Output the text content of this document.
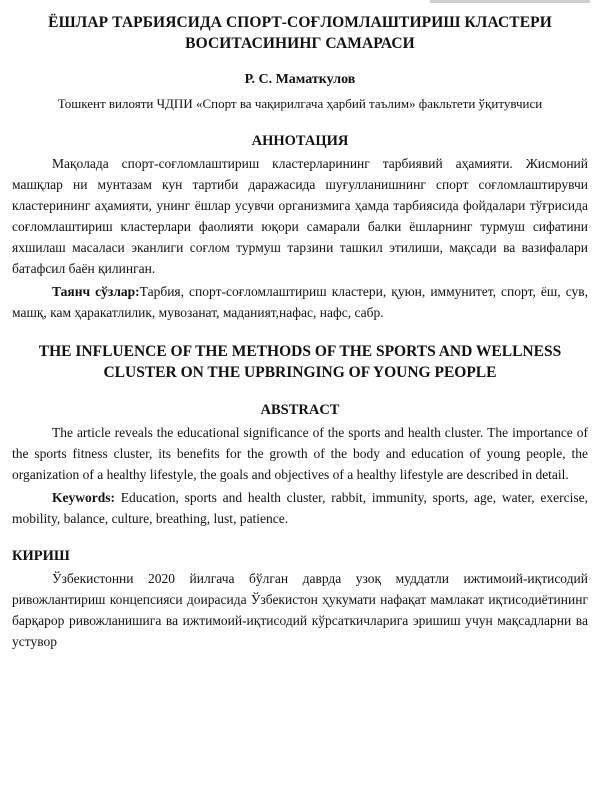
ЁШЛАР ТАРБИЯСИДА СПОРТ-СОҒЛОМЛАШТИРИШ КЛАСТЕРИ ВОСИТАСИНИНГ САМАРАСИ
Р. С. Маматкулов
Тошкент вилояти ЧДПИ «Спорт ва чақирилгача ҳарбий таълим» факльтети ўқитувчиси
АННОТАЦИЯ

Мақолада спорт-соғломлаштириш кластерларининг тарбиявий аҳамияти. Жисмоний машқлар ни мунтазам кун тартиби даражасида шуғулланишнинг спорт соғломлаштирувчи кластерининг аҳамияти, унинг ёшлар усувчи организмига ҳамда тарбиясида фойдалари тўғрисида соғломлаштириш кластерлари фаолияти юқори самарали балки ёшларнинг турмуш сифатини яхшилаш масаласи эканлиги соғлом турмуш тарзини ташкил этилиши, мақсади ва вазифалари батафсил баён қилинган.

Таянч сўзлар:Тарбия, спорт-соғломлаштириш кластери, қуюн, иммунитет, спорт, ёш, сув, машқ, кам ҳаракатлилик, мувозанат, маданият,нафас, нафс, сабр.

THE INFLUENCE OF THE METHODS OF THE SPORTS AND WELLNESS CLUSTER ON THE UPBRINGING OF YOUNG PEOPLE
ABSTRACT

The article reveals the educational significance of the sports and health cluster. The importance of the sports fitness cluster, its benefits for the growth of the body and education of young people, the organization of a healthy lifestyle, the goals and objectives of a healthy lifestyle are described in detail.

Keywords: Education, sports and health cluster, rabbit, immunity, sports, age, water, exercise, mobility, balance, culture, breathing, lust, patience.

КИРИШ

Ўзбекистонни 2020 йилгача бўлган даврда узоқ муддатли ижтимоий-иқтисодий ривожлантириш концепсияси доирасида Ўзбекистон ҳукумати нафақат мамлакат иқтисодиётининг барқарор ривожланишига ва ижтимоий-иқтисодий кўрсаткичларига эришиш учун мақсадларни ва устувор
